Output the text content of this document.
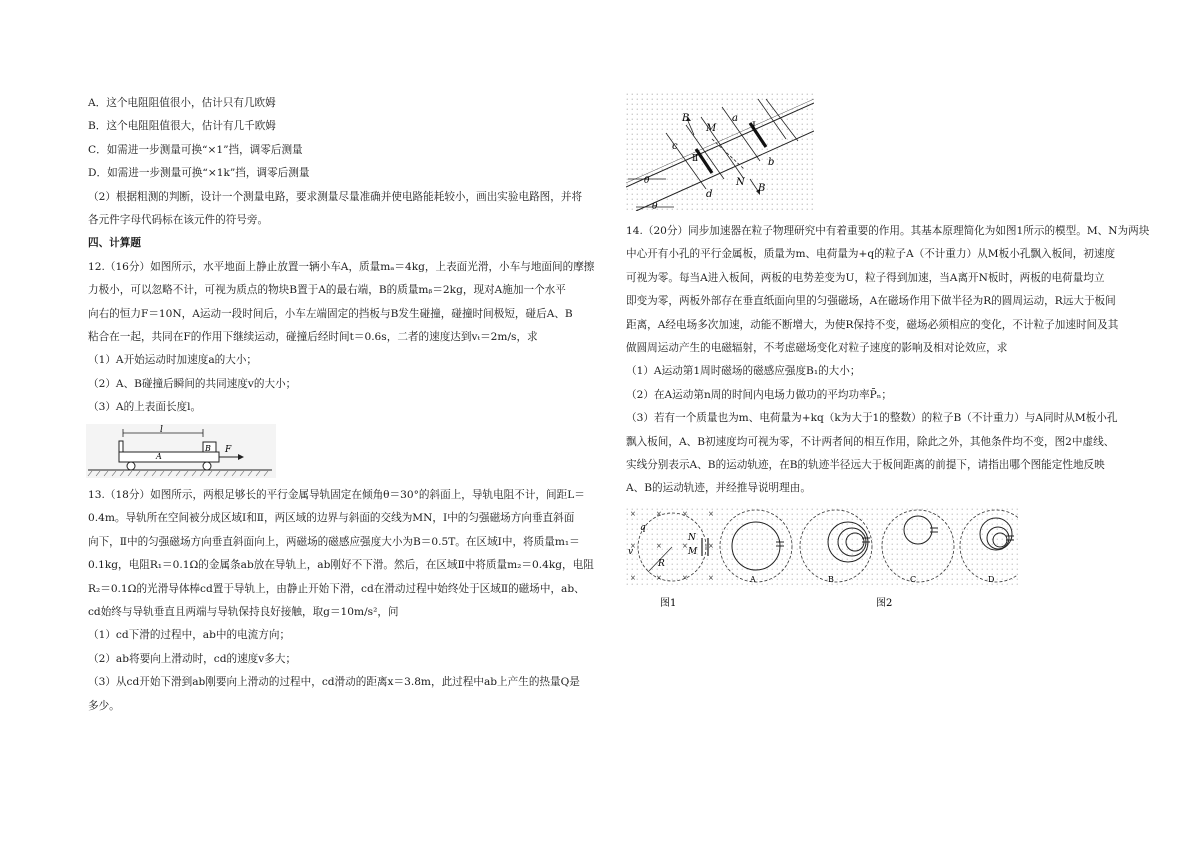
A．这个电阻阻值很小，估计只有几欧姆

B．这个电阻阻值很大，估计有几千欧姆

C．如需进一步测量可换“×1”挡，调零后测量

D．如需进一步测量可换“×1k”挡，调零后测量

（2）根据粗测的判断，设计一个测量电路，要求测量尽量准确并使电路能耗较小，画出实验电路图，并将

各元件字母代码标在该元件的符号旁。

四、计算题

12.（16分）如图所示，水平地面上静止放置一辆小车A，质量mₐ＝4kg，上表面光滑，小车与地面间的摩擦

力极小，可以忽略不计，可视为质点的物块B置于A的最右端，B的质量mᵦ＝2kg，现对A施加一个水平

向右的恒力F＝10N，A运动一段时间后，小车左端固定的挡板与B发生碰撞，碰撞时间极短，碰后A、B

粘合在一起，共同在F的作用下继续运动，碰撞后经时间t＝0.6s，二者的速度达到vₜ＝2m/s，求

（1）A开始运动时加速度a的大小；

（2）A、B碰撞后瞬间的共同速度v的大小；

（3）A的上表面长度l。

l
B
A
F

13.（18分）如图所示，两根足够长的平行金属导轨固定在倾角θ＝30°的斜面上，导轨电阻不计，间距L＝

0.4m。导轨所在空间被分成区域Ⅰ和Ⅱ，两区域的边界与斜面的交线为MN，Ⅰ中的匀强磁场方向垂直斜面

向下，Ⅱ中的匀强磁场方向垂直斜面向上，两磁场的磁感应强度大小为B＝0.5T。在区域Ⅰ中，将质量m₁＝

0.1kg，电阻R₁＝0.1Ω的金属条ab放在导轨上，ab刚好不下滑。然后，在区域Ⅱ中将质量m₂＝0.4kg，电阻

R₂＝0.1Ω的光滑导体棒cd置于导轨上，由静止开始下滑，cd在滑动过程中始终处于区域Ⅱ的磁场中，ab、

cd始终与导轨垂直且两端与导轨保持良好接触，取g＝10m/s²，问

（1）cd下滑的过程中，ab中的电流方向；

（2）ab将要向上滑动时，cd的速度v多大；

（3）从cd开始下滑到ab刚要向上滑动的过程中，cd滑动的距离x＝3.8m，此过程中ab上产生的热量Q是

多少。

B
M
a
I
c
Ⅱ	b
N
B
d
θ
θ

14.（20分）同步加速器在粒子物理研究中有着重要的作用。其基本原理简化为如图1所示的模型。M、N为两块

中心开有小孔的平行金属板，质量为m、电荷量为+q的粒子A（不计重力）从M板小孔飘入板间，初速度

可视为零。每当A进入板间，两板的电势差变为U，粒子得到加速，当A离开N板时，两板的电荷量均立

即变为零，两板外部存在垂直纸面向里的匀强磁场，A在磁场作用下做半径为R的圆周运动，R远大于板间

距离，A经电场多次加速，动能不断增大，为使R保持不变，磁场必须相应的变化，不计粒子加速时间及其

做圆周运动产生的电磁辐射，不考虑磁场变化对粒子速度的影响及相对论效应，求

（1）A运动第1周时磁场的磁感应强度B₁的大小；

（2）在A运动第n周的时间内电场力做功的平均功率P̄ₙ；

（3）若有一个质量也为m、电荷量为+kq（k为大于1的整数）的粒子B（不计重力）与A同时从M板小孔

飘入板间，A、B初速度均可视为零，不计两者间的相互作用，除此之外，其他条件均不变，图2中虚线、

实线分别表示A、B的运动轨迹，在B的轨迹半径远大于板间距离的前提下，请指出哪个图能定性地反映

A、B的运动轨迹，并经推导说明理由。

×	×	×	×
×	×	×
×	×	×	×
×
q
v
N
M
R
A	B	C	D
图1	图2
